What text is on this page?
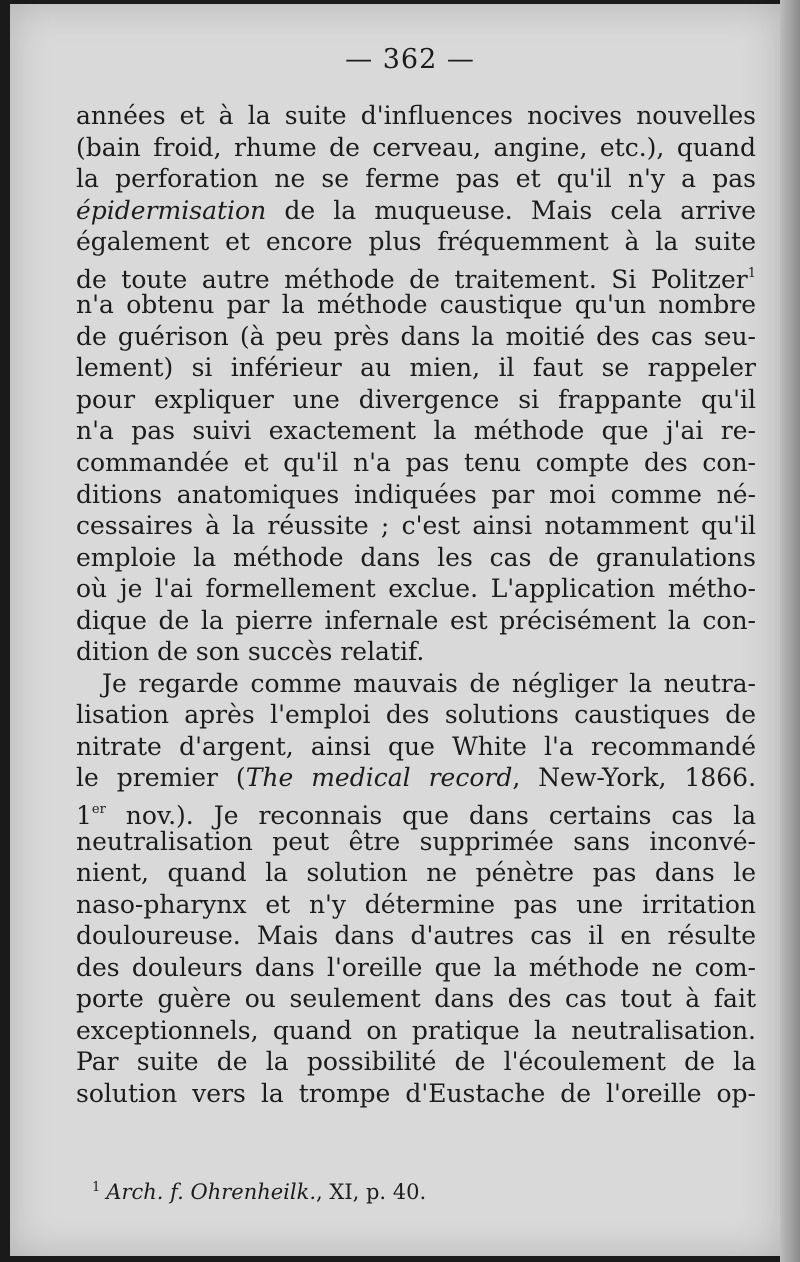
— 362 —
années et à la suite d'influences nocives nouvelles
(bain froid, rhume de cerveau, angine, etc.), quand
la perforation ne se ferme pas et qu'il n'y a pas
épidermisation de la muqueuse. Mais cela arrive
également et encore plus fréquemment à la suite
de toute autre méthode de traitement. Si Politzer$^1$
n'a obtenu par la méthode caustique qu'un nombre
de guérison (à peu près dans la moitié des cas seu-
lement) si inférieur au mien, il faut se rappeler
pour expliquer une divergence si frappante qu'il
n'a pas suivi exactement la méthode que j'ai re-
commandée et qu'il n'a pas tenu compte des con-
ditions anatomiques indiquées par moi comme né-
cessaires à la réussite ; c'est ainsi notamment qu'il
emploie la méthode dans les cas de granulations
où je l'ai formellement exclue. L'application métho-
dique de la pierre infernale est précisément la con-
dition de son succès relatif.
Je regarde comme mauvais de négliger la neutra-
lisation après l'emploi des solutions caustiques de
nitrate d'argent, ainsi que White l'a recommandé
le premier (The medical record, New-York, 1866.
1er nov.). Je reconnais que dans certains cas la
neutralisation peut être supprimée sans inconvé-
nient, quand la solution ne pénètre pas dans le
naso-pharynx et n'y détermine pas une irritation
douloureuse. Mais dans d'autres cas il en résulte
des douleurs dans l'oreille que la méthode ne com-
porte guère ou seulement dans des cas tout à fait
exceptionnels, quand on pratique la neutralisation.
Par suite de la possibilité de l'écoulement de la
solution vers la trompe d'Eustache de l'oreille op-
$^1$ Arch. f. Ohrenheilk., XI, p. 40.
